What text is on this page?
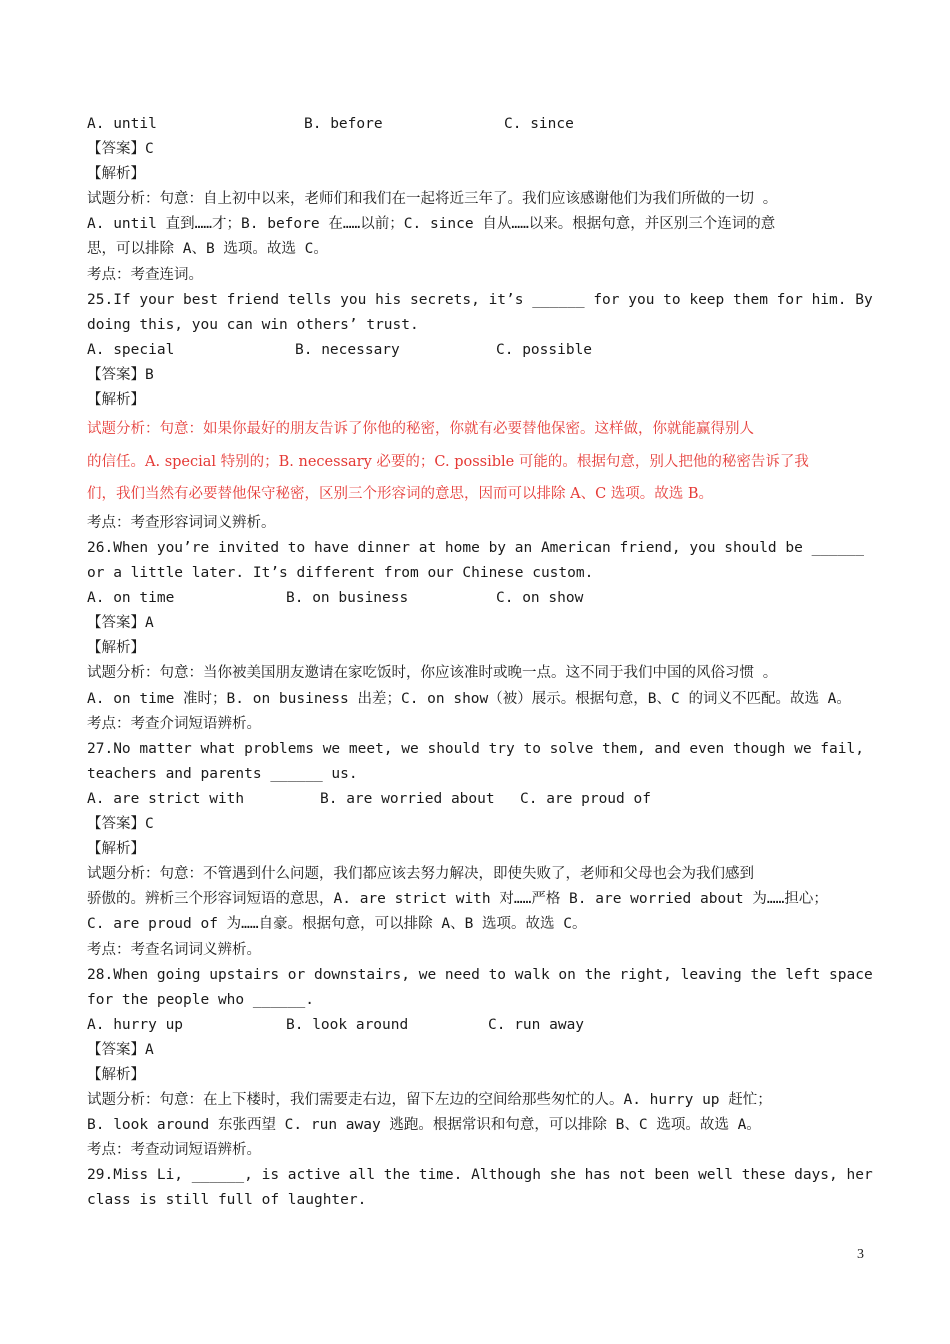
A. until	B. before	C. since
【答案】C
【解析】
试题分析：句意：自上初中以来，老师们和我们在一起将近三年了。我们应该感谢他们为我们所做的一切 。
A. until 直到……才；B. before 在……以前；C. since 自从……以来。根据句意，并区别三个连词的意
思，可以排除 A、B 选项。故选 C。
考点：考查连词。
25.If your best friend tells you his secrets, it’s ______ for you to keep them for him. By
doing this, you can win others’ trust.
A. special	B. necessary	C. possible
【答案】B
【解析】
试题分析：句意：如果你最好的朋友告诉了你他的秘密，你就有必要替他保密。这样做，你就能赢得别人
的信任。A. special 特别的；B. necessary 必要的；C. possible 可能的。根据句意，别人把他的秘密告诉了我
们，我们当然有必要替他保守秘密，区别三个形容词的意思，因而可以排除 A、C 选项。故选 B。
考点：考查形容词词义辨析。
26.When you’re invited to have dinner at home by an American friend, you should be ______
or a little later. It’s different from our Chinese custom.
A. on time	B. on business	C. on show
【答案】A
【解析】
试题分析：句意：当你被美国朋友邀请在家吃饭时，你应该准时或晚一点。这不同于我们中国的风俗习惯 。
A. on time 准时；B. on business 出差；C. on show（被）展示。根据句意，B、C 的词义不匹配。故选 A。
考点：考查介词短语辨析。
27.No matter what problems we meet, we should try to solve them, and even though we fail,
teachers and parents ______ us.
A. are strict with	B. are worried about	C. are proud of
【答案】C
【解析】
试题分析：句意：不管遇到什么问题，我们都应该去努力解决，即使失败了，老师和父母也会为我们感到
骄傲的。辨析三个形容词短语的意思，A. are strict with 对……严格 B. are worried about 为……担心；
C. are proud of 为……自豪。根据句意，可以排除 A、B 选项。故选 C。
考点：考查名词词义辨析。
28.When going upstairs or downstairs, we need to walk on the right, leaving the left space
for the people who ______.
A. hurry up	B. look around	C. run away
【答案】A
【解析】
试题分析：句意：在上下楼时，我们需要走右边，留下左边的空间给那些匆忙的人。A. hurry up 赶忙；
B. look around 东张西望 C. run away 逃跑。根据常识和句意，可以排除 B、C 选项。故选 A。
考点：考查动词短语辨析。
29.Miss Li, ______, is active all the time. Although she has not been well these days, her
class is still full of laughter.
3
